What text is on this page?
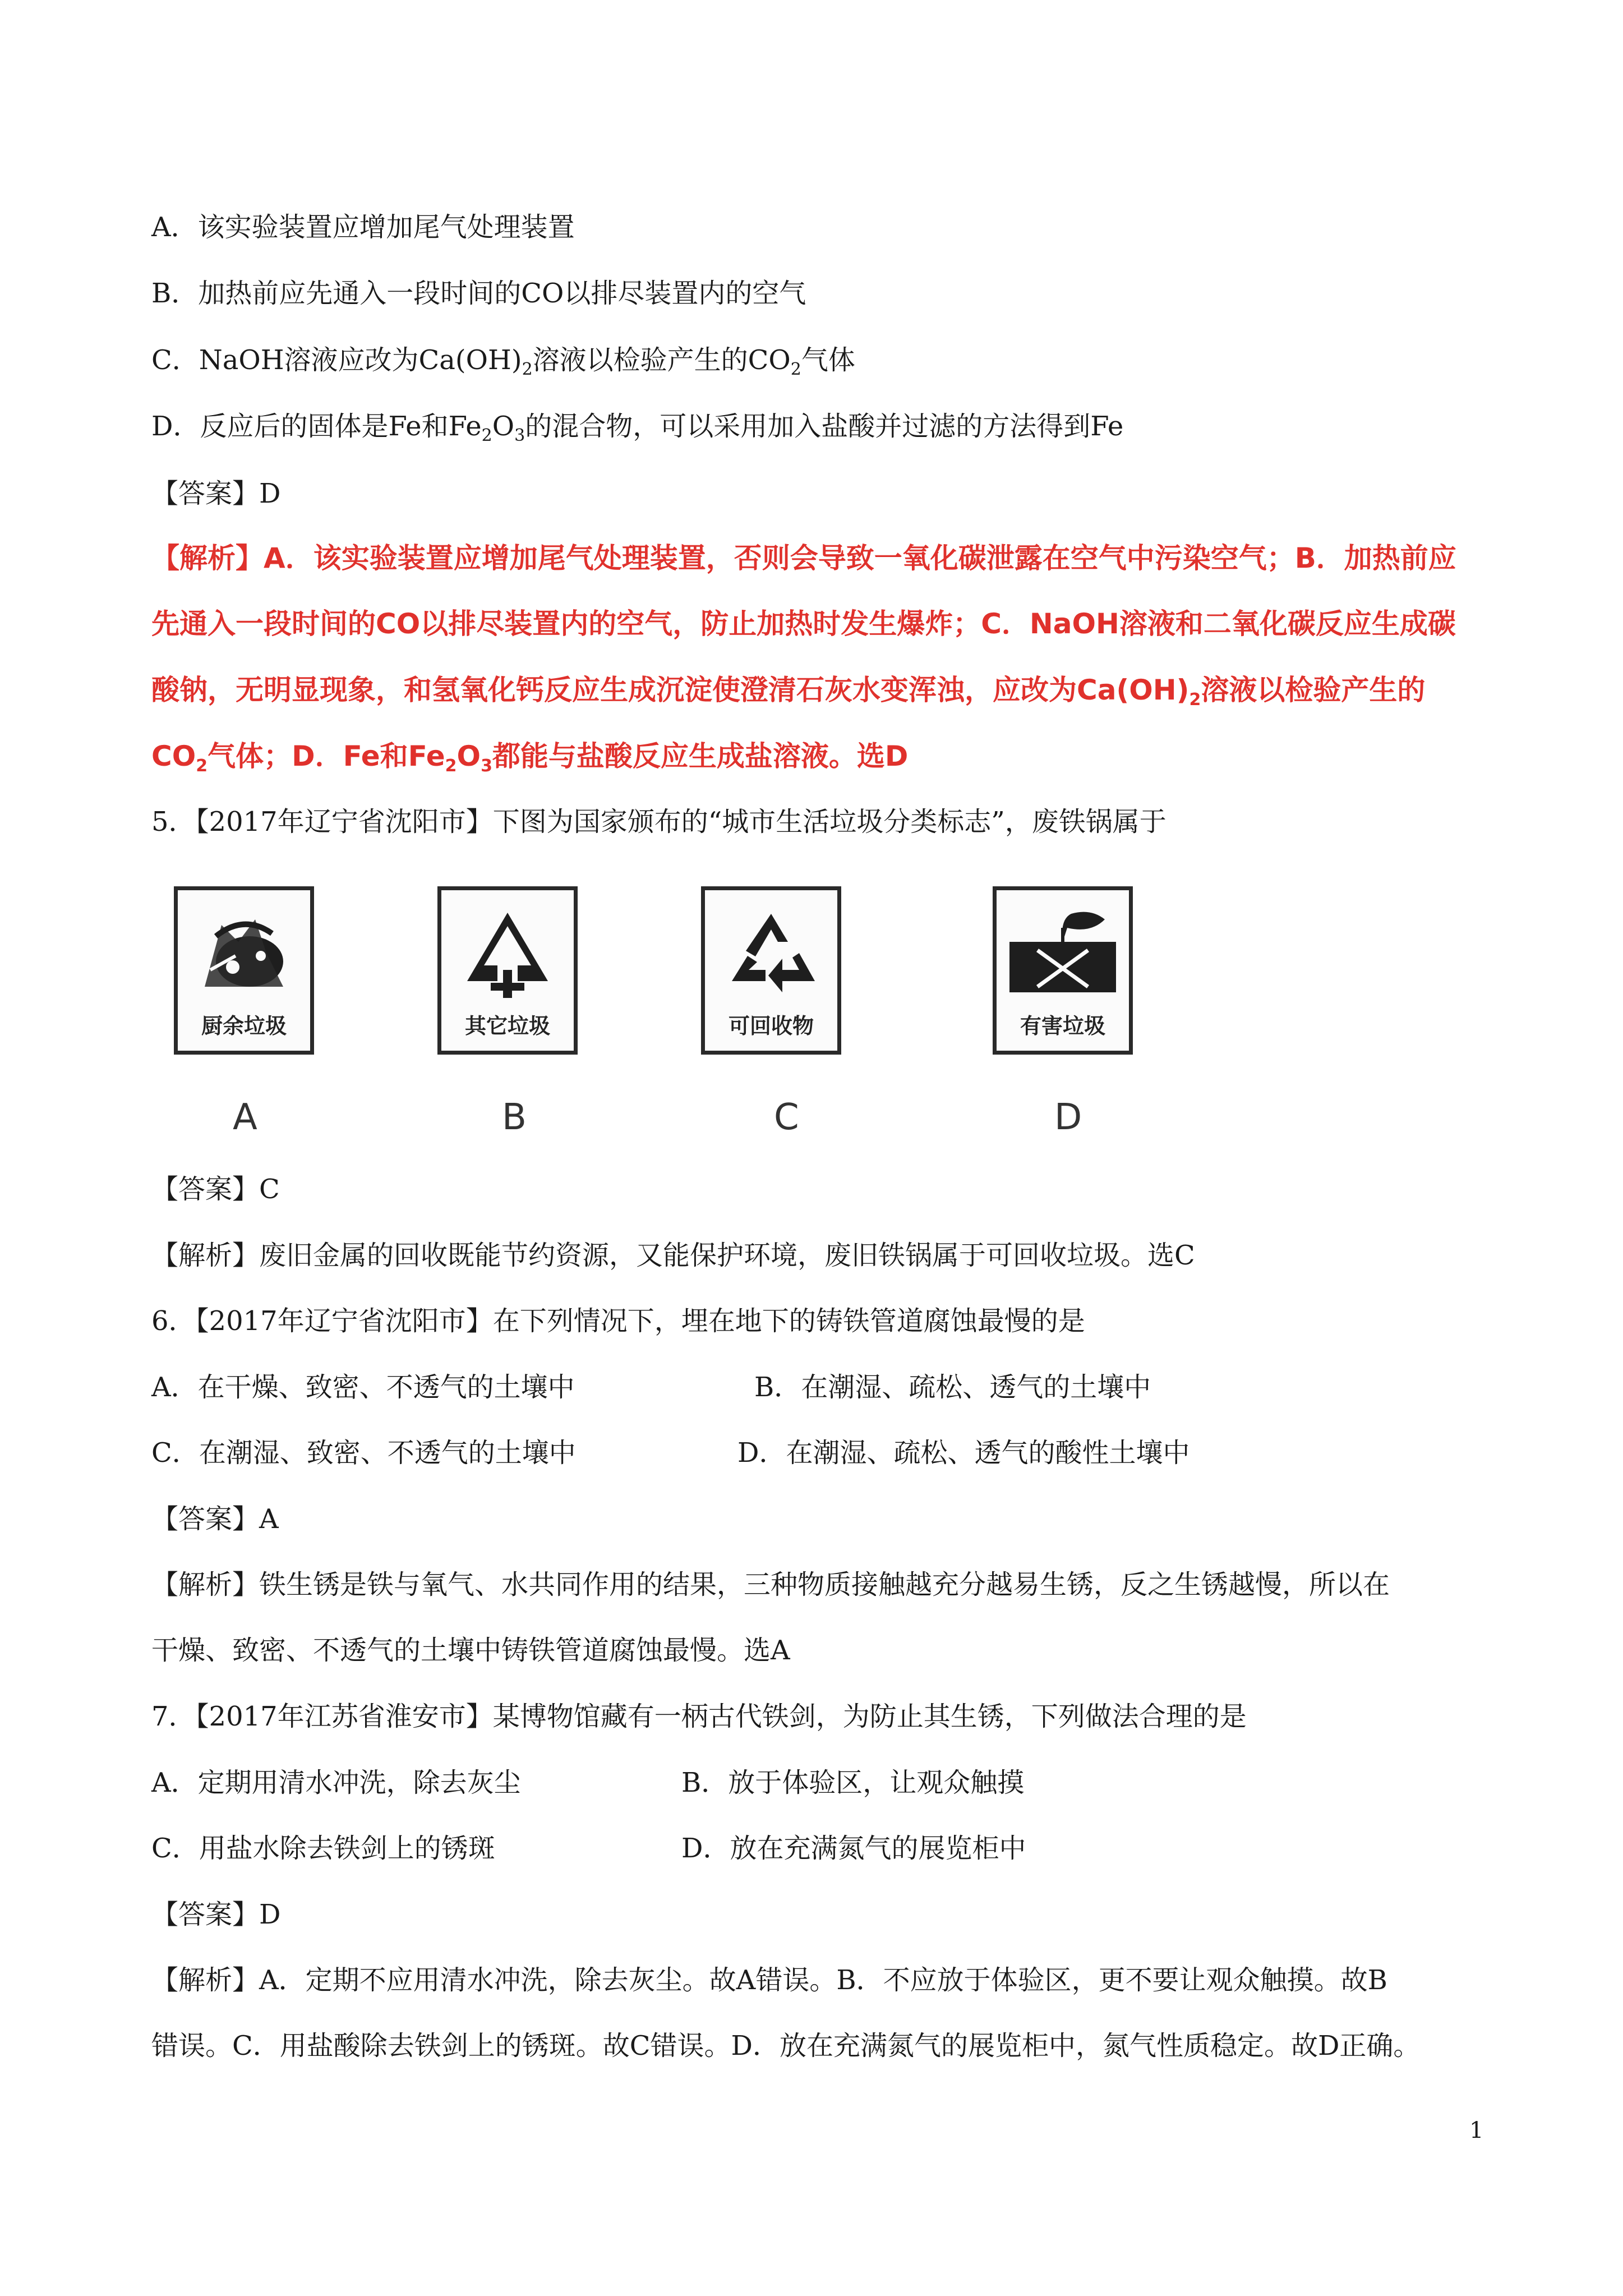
A．该实验装置应增加尾气处理装置
B．加热前应先通入一段时间的CO以排尽装置内的空气
C．NaOH溶液应改为$Ca(OH)_2$溶液以检验产生的$CO_2$气体
D．反应后的固体是Fe和$Fe_2O_3$的混合物，可以采用加入盐酸并过滤的方法得到Fe
【答案】D
【解析】A．该实验装置应增加尾气处理装置，否则会导致一氧化碳泄露在空气中污染空气；B．加热前应
先通入一段时间的CO以排尽装置内的空气，防止加热时发生爆炸；C．NaOH溶液和二氧化碳反应生成碳
酸钠，无明显现象，和氢氧化钙反应生成沉淀使澄清石灰水变浑浊，应改为$Ca(OH)_2$溶液以检验产生的
$CO_2$气体；D．Fe和$Fe_2O_3$都能与盐酸反应生成盐溶液。选D
5．【2017年辽宁省沈阳市】下图为国家颁布的“城市生活垃圾分类标志”，废铁锅属于
厨余垃圾	其它垃圾	可回收物	有害垃圾
A	B	C	D
【答案】C
【解析】废旧金属的回收既能节约资源，又能保护环境，废旧铁锅属于可回收垃圾。选C
6．【2017年辽宁省沈阳市】在下列情况下，埋在地下的铸铁管道腐蚀最慢的是
A．在干燥、致密、不透气的土壤中	B．在潮湿、疏松、透气的土壤中
C．在潮湿、致密、不透气的土壤中	D．在潮湿、疏松、透气的酸性土壤中
【答案】A
【解析】铁生锈是铁与氧气、水共同作用的结果，三种物质接触越充分越易生锈，反之生锈越慢，所以在
干燥、致密、不透气的土壤中铸铁管道腐蚀最慢。选A
7．【2017年江苏省淮安市】某博物馆藏有一柄古代铁剑，为防止其生锈，下列做法合理的是
A．定期用清水冲洗，除去灰尘	B．放于体验区，让观众触摸
C．用盐水除去铁剑上的锈斑	D．放在充满氮气的展览柜中
【答案】D
【解析】A．定期不应用清水冲洗，除去灰尘。故A错误。B．不应放于体验区，更不要让观众触摸。故B
错误。C．用盐酸除去铁剑上的锈斑。故C错误。D．放在充满氮气的展览柜中，氮气性质稳定。故D正确。
1
